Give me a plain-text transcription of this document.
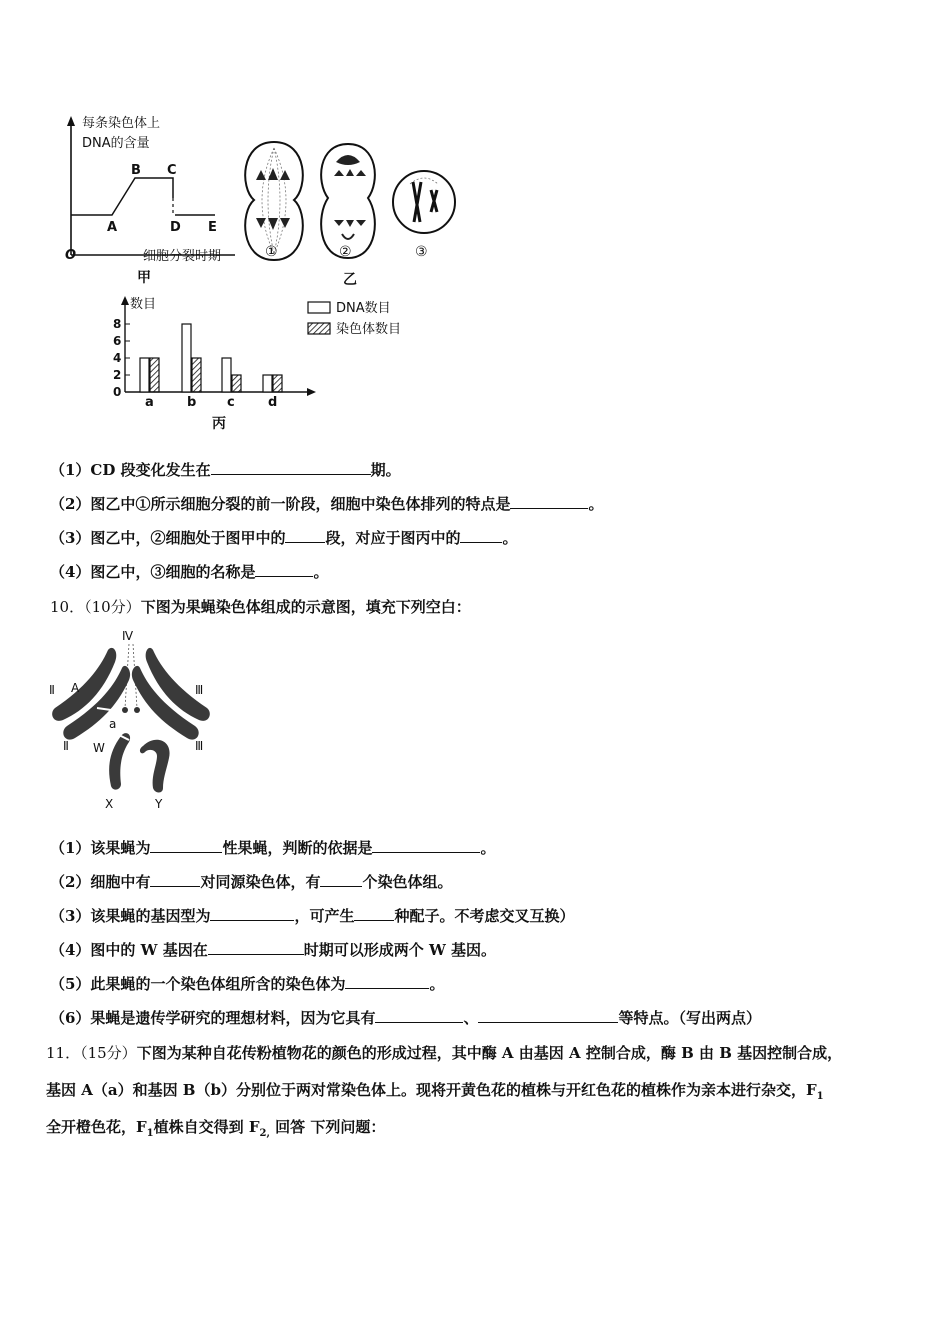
每条染色体上
DNA的含量
A
B C
D E
O	细胞分裂时期
甲
①	②	③
乙
数目
0
2
4
6
8
a	b c	d
DNA数目
染色体数目
丙
（1）CD 段变化发生在	期。
（2）图乙中①所示细胞分裂的前一阶段，细胞中染色体排列的特点是	。
（3）图乙中，②细胞处于图甲中的	段，对应于图丙中的	。
（4）图乙中，③细胞的名称是	。
10．（10分）下图为果蝇染色体组成的示意图，填充下列空白：
Ⅳ
Ⅱ
Ⅱ
Ⅲ
Ⅲ
A
a
W
X	Y
（1）该果蝇为	性果蝇，判断的依据是	。
（2）细胞中有	对同源染色体，有	个染色体组。
（3）该果蝇的基因型为	，可产生	种配子。不考虑交叉互换）
（4）图中的 W 基因在	时期可以形成两个 W 基因。
（5）此果蝇的一个染色体组所含的染色体为	。
（6）果蝇是遗传学研究的理想材料，因为它具有	、	等特点。（写出两点）
11．（15分）下图为某种自花传粉植物花的颜色的形成过程，其中酶 A 由基因 A 控制合成，酶 B 由 B 基因控制合成，
基因 A（a）和基因 B（b）分别位于两对常染色体上。现将开黄色花的植株与开红色花的植株作为亲本进行杂交，$F_1$
全开橙色花，$F_1$植株自交得到 $F_{2,}$ 回答 下列问题：
